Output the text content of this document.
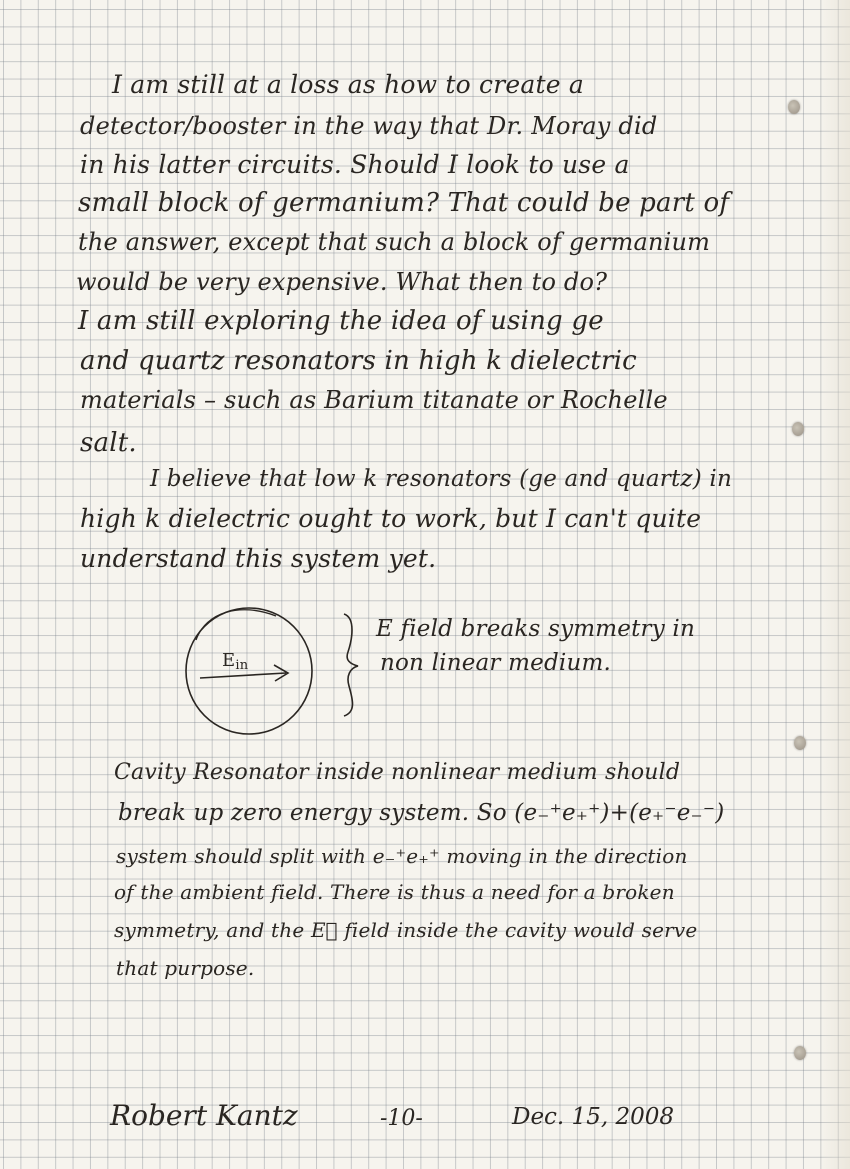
I am still at a loss as how to create a
detector/booster in the way that Dr. Moray did
in his latter circuits. Should I look to use a
small block of germanium? That could be part of
the answer, except that such a block of germanium
would be very expensive. What then to do?
I am still exploring the idea of using ge
and quartz resonators in high k dielectric
materials – such as Barium titanate or Rochelle
salt.
I believe that low k resonators (ge and quartz) in
high k dielectric ought to work, but I can't quite
understand this system yet.
Ein
E field breaks symmetry in
non linear medium.
Cavity Resonator inside nonlinear medium should
break up zero energy system. So (e₋⁺e₊⁺)+(e₊⁻e₋⁻)
system should split with e₋⁺e₊⁺ moving in the direction
of the ambient field. There is thus a need for a broken
symmetry, and the E⃗ field inside the cavity would serve
that purpose.
Robert Kantz	-10-	Dec. 15, 2008
